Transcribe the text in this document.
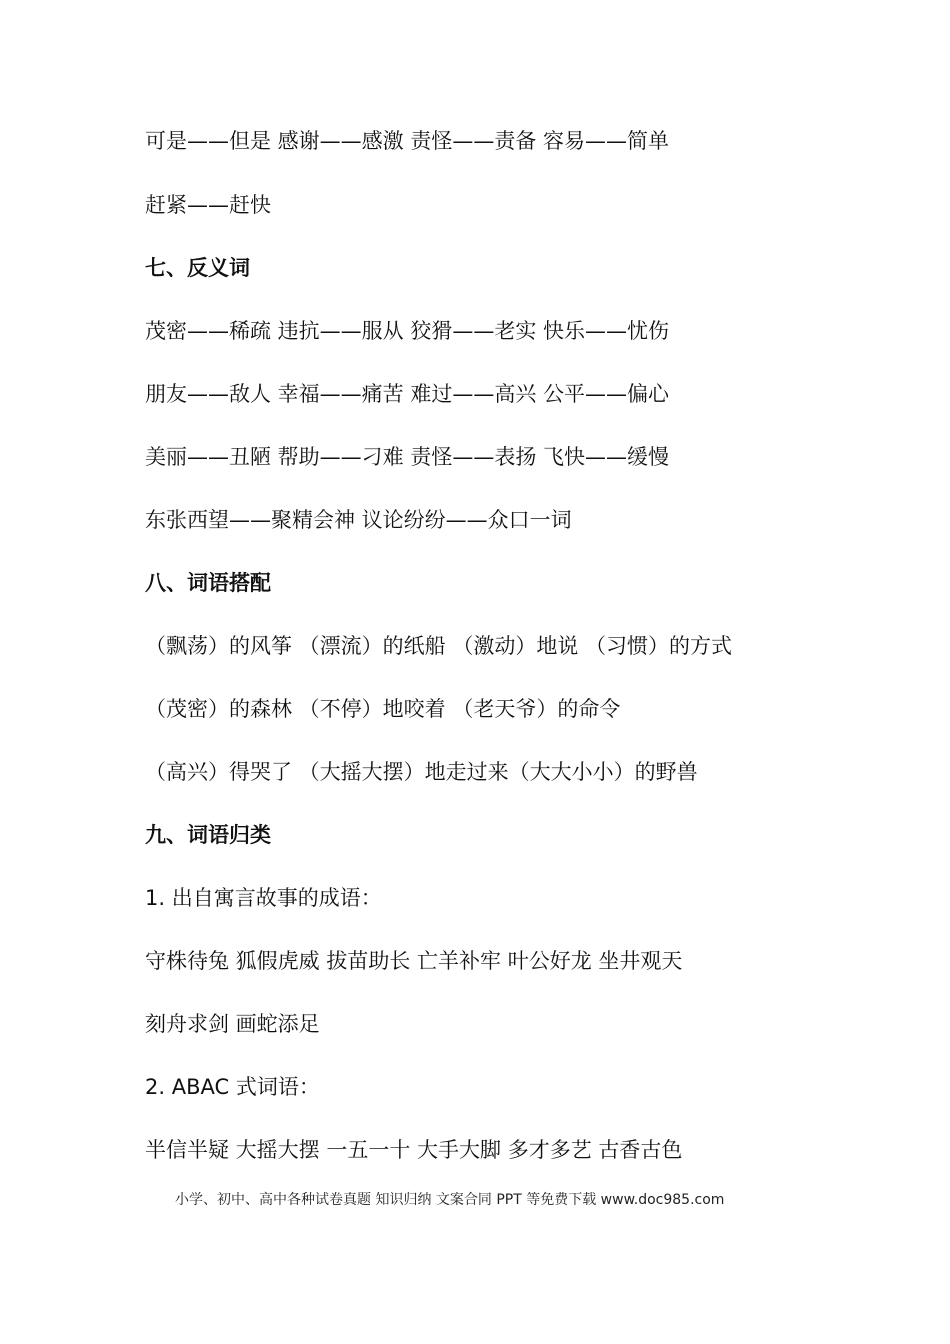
可是——但是 感谢——感激 责怪——责备 容易——简单

赶紧——赶快

七、反义词

茂密——稀疏 违抗——服从 狡猾——老实 快乐——忧伤

朋友——敌人 幸福——痛苦 难过——高兴 公平——偏心

美丽——丑陋 帮助——刁难 责怪——表扬 飞快——缓慢

东张西望——聚精会神 议论纷纷——众口一词

八、词语搭配

（飘荡）的风筝 （漂流）的纸船 （激动）地说 （习惯）的方式

（茂密）的森林 （不停）地咬着 （老天爷）的命令

（高兴）得哭了 （大摇大摆）地走过来（大大小小）的野兽

九、词语归类

1. 出自寓言故事的成语：

守株待兔 狐假虎威 拔苗助长 亡羊补牢 叶公好龙 坐井观天

刻舟求剑 画蛇添足

2. ABAC 式词语：

半信半疑 大摇大摆 一五一十 大手大脚 多才多艺 古香古色

小学、初中、高中各种试卷真题 知识归纳 文案合同 PPT 等免费下载 www.doc985.com
